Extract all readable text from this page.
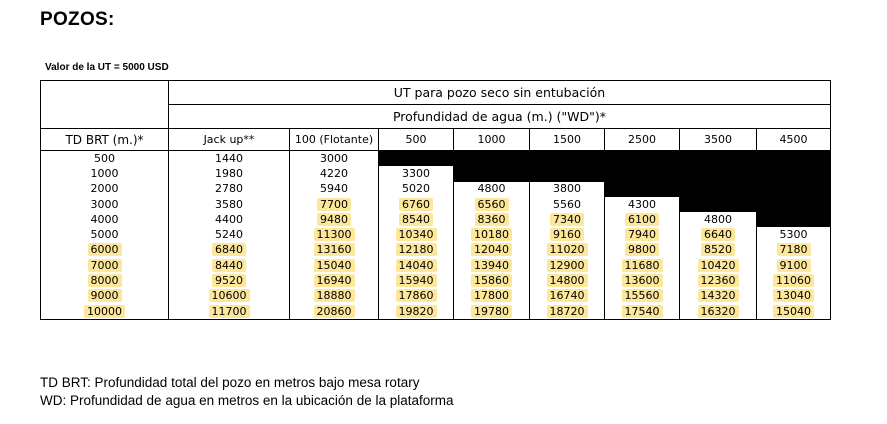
POZOS:
Valor de la UT = 5000 USD
	UT para pozo seco sin entubación							
	Profundidad de agua (m.) ("WD")*							
TD BRT (m.)*	Jack up**	100 (Flotante)	500	1000	1500	2500	3500	4500
500	1440	3000						
1000	1980	4220	3300					
2000	2780	5940	5020	4800	3800			
3000	3580	7700	6760	6560	5560	4300		
4000	4400	9480	8540	8360	7340	6100	4800	
5000	5240	11300	10340	10180	9160	7940	6640	5300
6000	6840	13160	12180	12040	11020	9800	8520	7180
7000	8440	15040	14040	13940	12900	11680	10420	9100
8000	9520	16940	15940	15860	14800	13600	12360	11060
9000	10600	18880	17860	17800	16740	15560	14320	13040
10000	11700	20860	19820	19780	18720	17540	16320	15040
TD BRT: Profundidad total del pozo en metros bajo mesa rotary
WD: Profundidad de agua en metros en la ubicación de la plataforma
